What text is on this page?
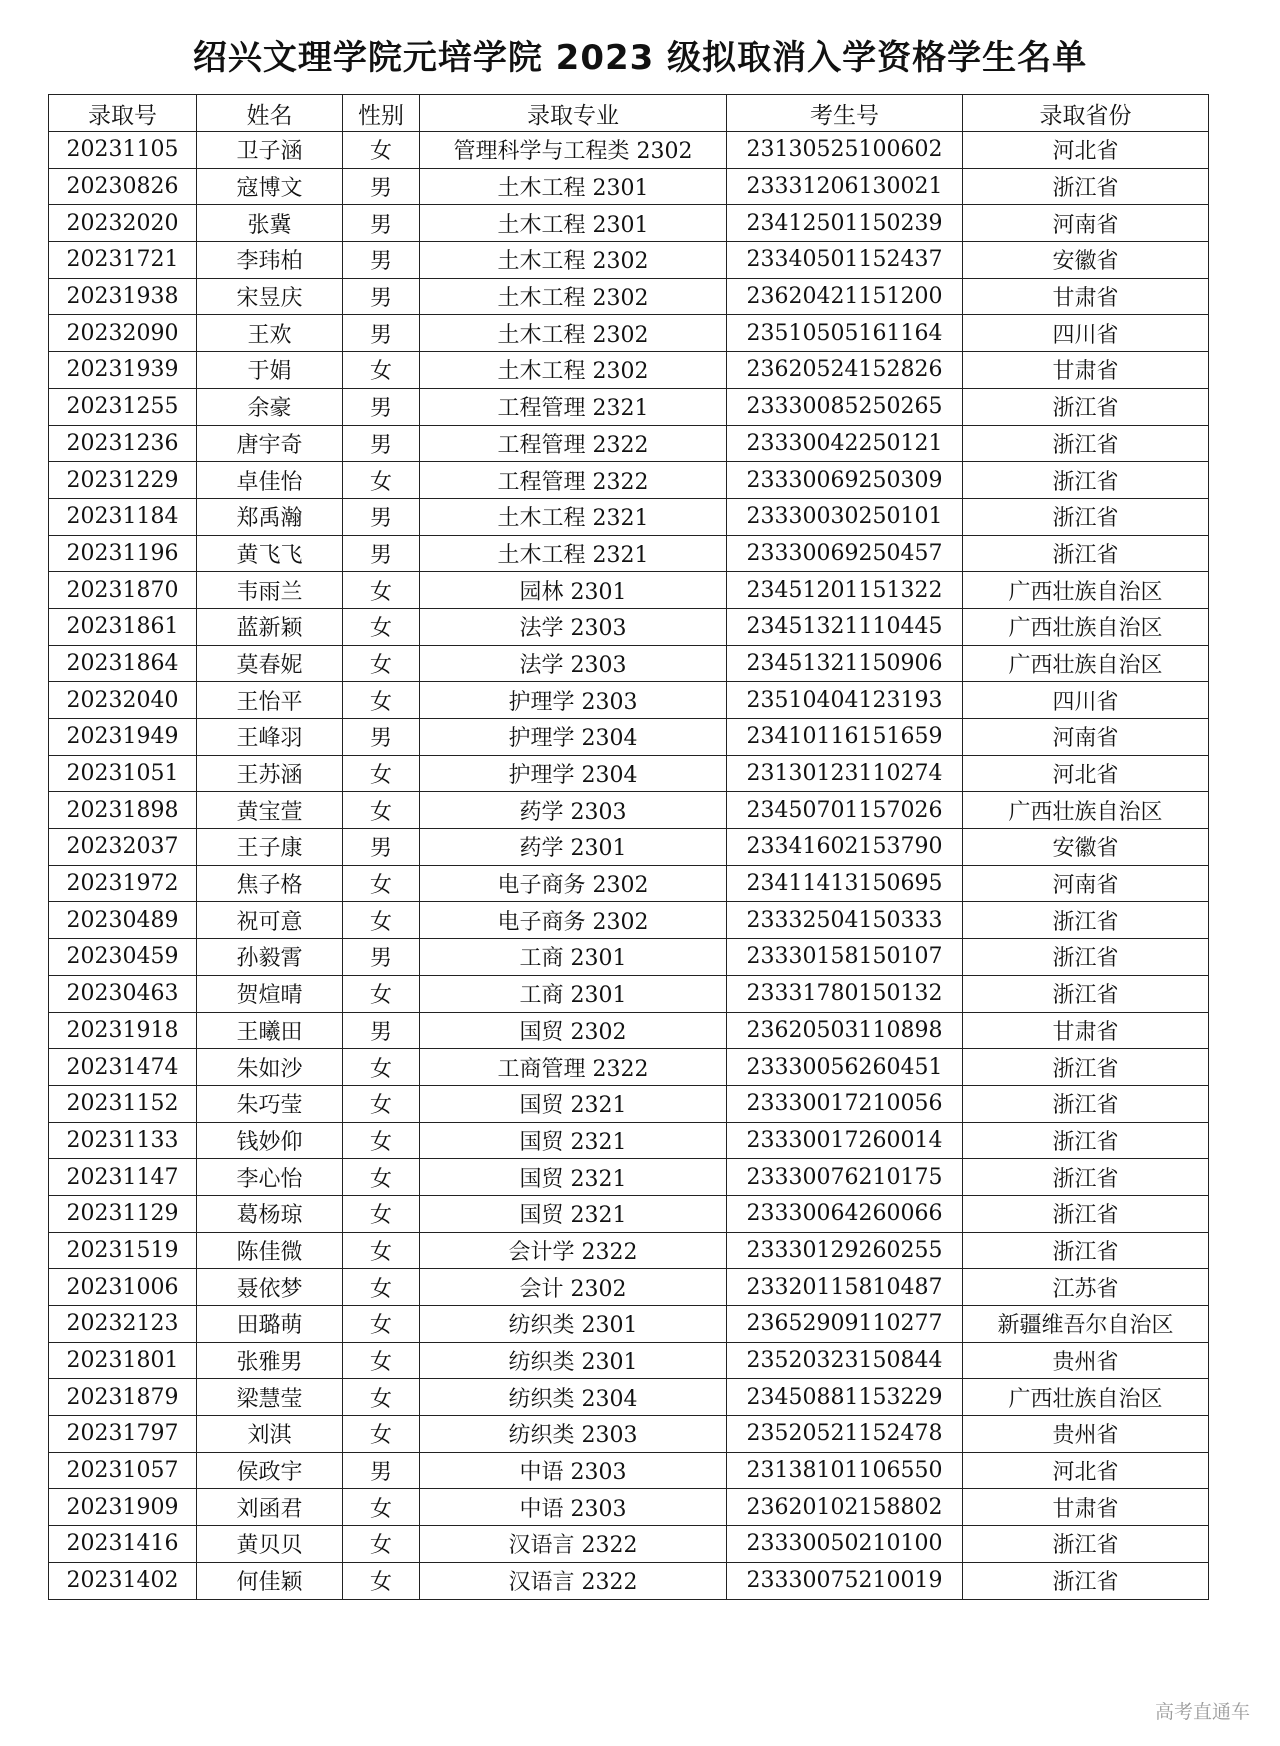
绍兴文理学院元培学院 2023 级拟取消入学资格学生名单
录取号	姓名	性别	录取专业	考生号	录取省份
20231105	卫子涵	女	管理科学与工程类 2302	23130525100602	河北省
20230826	寇博文	男	土木工程 2301	23331206130021	浙江省
20232020	张冀	男	土木工程 2301	23412501150239	河南省
20231721	李玮柏	男	土木工程 2302	23340501152437	安徽省
20231938	宋昱庆	男	土木工程 2302	23620421151200	甘肃省
20232090	王欢	男	土木工程 2302	23510505161164	四川省
20231939	于娟	女	土木工程 2302	23620524152826	甘肃省
20231255	余豪	男	工程管理 2321	23330085250265	浙江省
20231236	唐宇奇	男	工程管理 2322	23330042250121	浙江省
20231229	卓佳怡	女	工程管理 2322	23330069250309	浙江省
20231184	郑禹瀚	男	土木工程 2321	23330030250101	浙江省
20231196	黄飞飞	男	土木工程 2321	23330069250457	浙江省
20231870	韦雨兰	女	园林 2301	23451201151322	广西壮族自治区
20231861	蓝新颖	女	法学 2303	23451321110445	广西壮族自治区
20231864	莫春妮	女	法学 2303	23451321150906	广西壮族自治区
20232040	王怡平	女	护理学 2303	23510404123193	四川省
20231949	王峰羽	男	护理学 2304	23410116151659	河南省
20231051	王苏涵	女	护理学 2304	23130123110274	河北省
20231898	黄宝萱	女	药学 2303	23450701157026	广西壮族自治区
20232037	王子康	男	药学 2301	23341602153790	安徽省
20231972	焦子格	女	电子商务 2302	23411413150695	河南省
20230489	祝可意	女	电子商务 2302	23332504150333	浙江省
20230459	孙毅霄	男	工商 2301	23330158150107	浙江省
20230463	贺煊晴	女	工商 2301	23331780150132	浙江省
20231918	王曦田	男	国贸 2302	23620503110898	甘肃省
20231474	朱如沙	女	工商管理 2322	23330056260451	浙江省
20231152	朱巧莹	女	国贸 2321	23330017210056	浙江省
20231133	钱妙仰	女	国贸 2321	23330017260014	浙江省
20231147	李心怡	女	国贸 2321	23330076210175	浙江省
20231129	葛杨琼	女	国贸 2321	23330064260066	浙江省
20231519	陈佳微	女	会计学 2322	23330129260255	浙江省
20231006	聂依梦	女	会计 2302	23320115810487	江苏省
20232123	田璐萌	女	纺织类 2301	23652909110277	新疆维吾尔自治区
20231801	张雅男	女	纺织类 2301	23520323150844	贵州省
20231879	梁慧莹	女	纺织类 2304	23450881153229	广西壮族自治区
20231797	刘淇	女	纺织类 2303	23520521152478	贵州省
20231057	侯政宇	男	中语 2303	23138101106550	河北省
20231909	刘函君	女	中语 2303	23620102158802	甘肃省
20231416	黄贝贝	女	汉语言 2322	23330050210100	浙江省
20231402	何佳颖	女	汉语言 2322	23330075210019	浙江省
高考直通车
